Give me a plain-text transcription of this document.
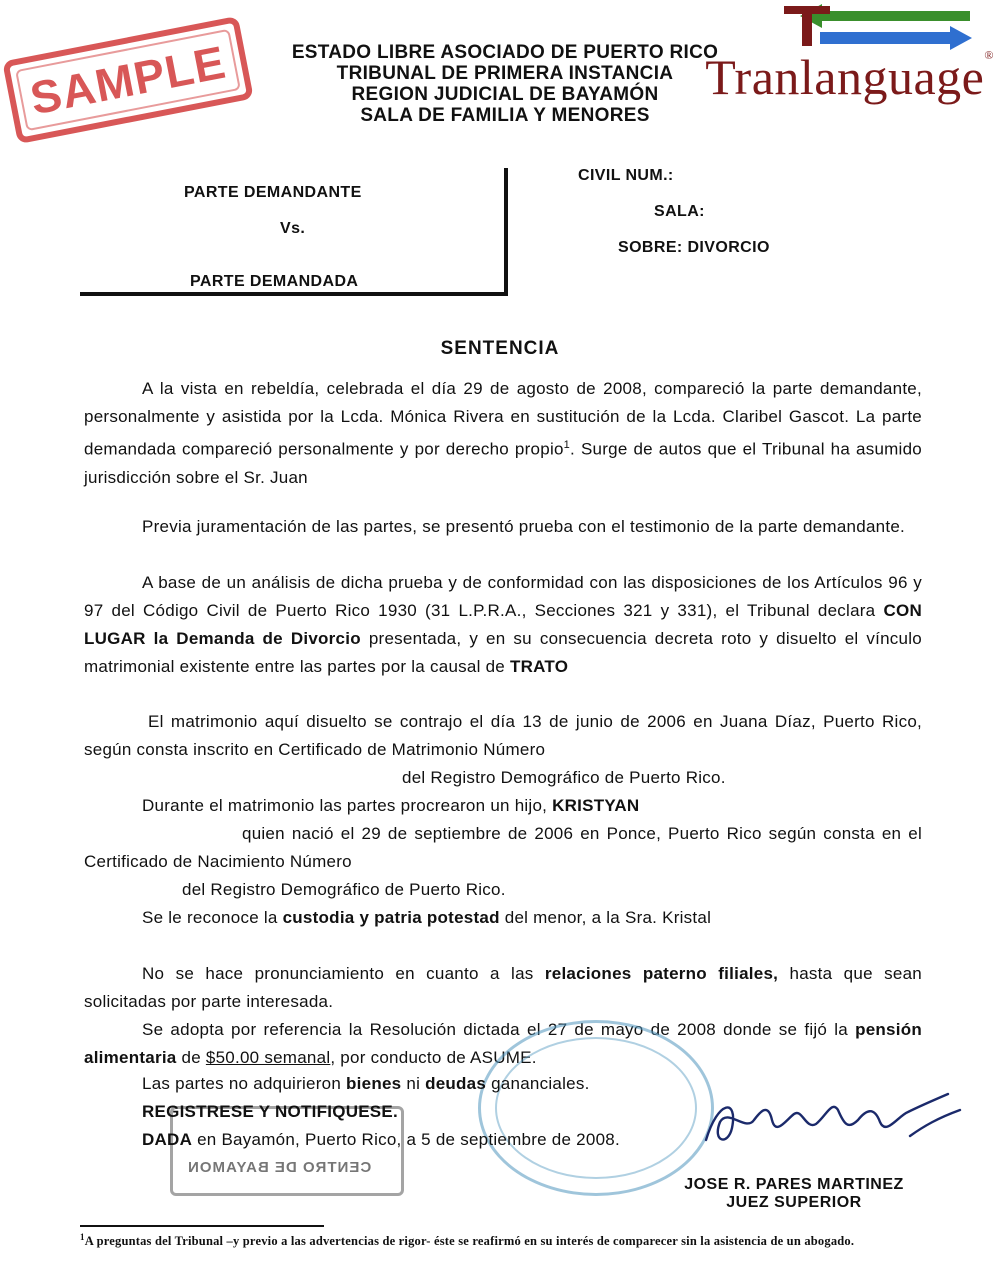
SAMPLE	Tranlanguage®
ESTADO LIBRE ASOCIADO DE PUERTO RICO
TRIBUNAL DE PRIMERA INSTANCIA
REGION JUDICIAL DE BAYAMÓN
SALA DE FAMILIA Y MENORES
PARTE DEMANDANTE
Vs.
PARTE DEMANDADA
CIVIL NUM.:
SALA:
SOBRE: DIVORCIO
SENTENCIA
A la vista en rebeldía, celebrada el día 29 de agosto de 2008, compareció la parte demandante, personalmente y asistida por la Lcda. Mónica Rivera en sustitución de la Lcda. Claribel Gascot. La parte demandada compareció personalmente y por derecho propio$^1$. Surge de autos que el Tribunal ha asumido jurisdicción sobre el Sr. Juan
Previa juramentación de las partes, se presentó prueba con el testimonio de la parte demandante.
A base de un análisis de dicha prueba y de conformidad con las disposiciones de los Artículos 96 y 97 del Código Civil de Puerto Rico 1930 (31 L.P.R.A., Secciones 321 y 331), el Tribunal declara CON LUGAR la Demanda de Divorcio presentada, y en su consecuencia decreta roto y disuelto el vínculo matrimonial existente entre las partes por la causal de TRATO
El matrimonio aquí disuelto se contrajo el día 13 de junio de 2006 en Juana Díaz, Puerto Rico, según consta inscrito en Certificado de Matrimonio Número
del Registro Demográfico de Puerto Rico.
Durante el matrimonio las partes procrearon un hijo, KRISTYAN
quien nació el 29 de septiembre de 2006 en Ponce, Puerto Rico según consta en el Certificado de Nacimiento Número
del Registro Demográfico de Puerto Rico.
Se le reconoce la custodia y patria potestad del menor, a la Sra. Kristal
No se hace pronunciamiento en cuanto a las relaciones paterno filiales, hasta que sean solicitadas por parte interesada.
Se adopta por referencia la Resolución dictada el 27 de mayo de 2008 donde se fijó la pensión alimentaria de $50.00 semanal, por conducto de ASUME.
CENTRO DE BAYAMON
Las partes no adquirieron bienes ni deudas gananciales.
REGISTRESE Y NOTIFIQUESE.
DADA en Bayamón, Puerto Rico, a 5 de septiembre de 2008.
JOSE R. PARES MARTINEZ
JUEZ SUPERIOR
$^1$A preguntas del Tribunal –y previo a las advertencias de rigor- éste se reafirmó en su interés de comparecer sin la asistencia de un abogado.
